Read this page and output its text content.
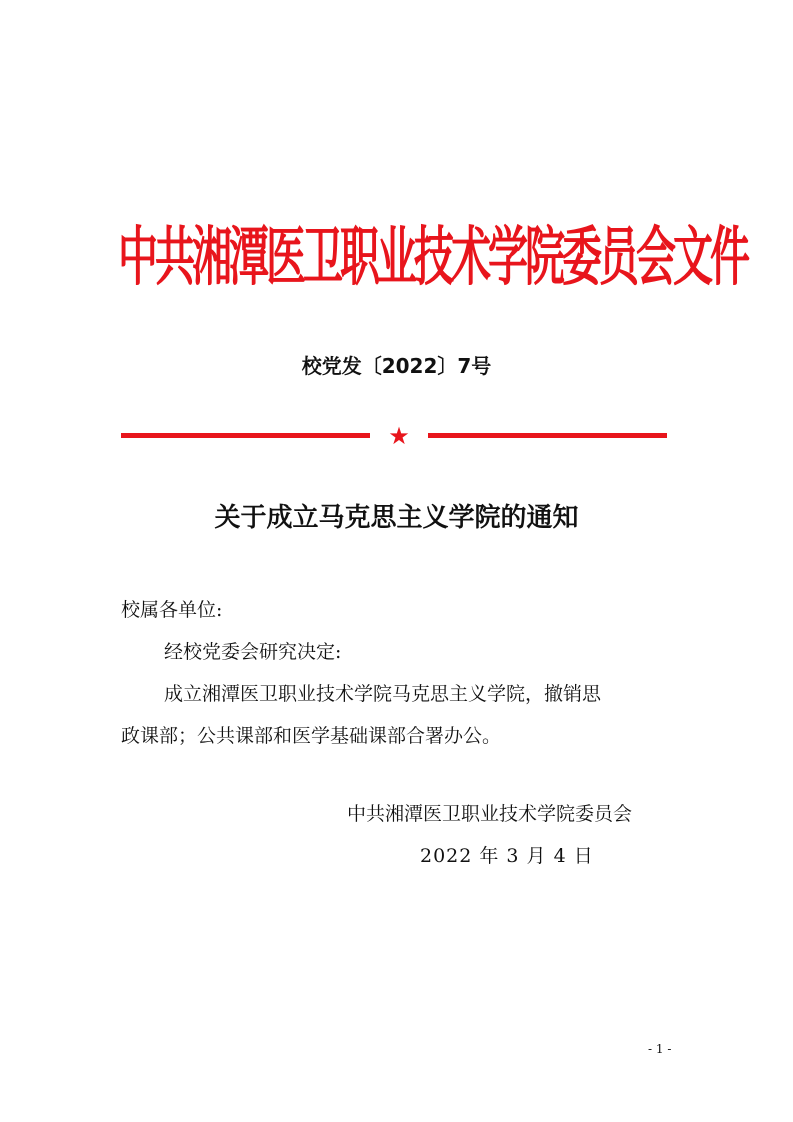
中共湘潭医卫职业技术学院委员会文件
校党发〔2022〕7号
★
关于成立马克思主义学院的通知
校属各单位:
经校党委会研究决定:
成立湘潭医卫职业技术学院马克思主义学院，撤销思
政课部；公共课部和医学基础课部合署办公。
中共湘潭医卫职业技术学院委员会
2022 年 3 月 4 日
- 1 -
